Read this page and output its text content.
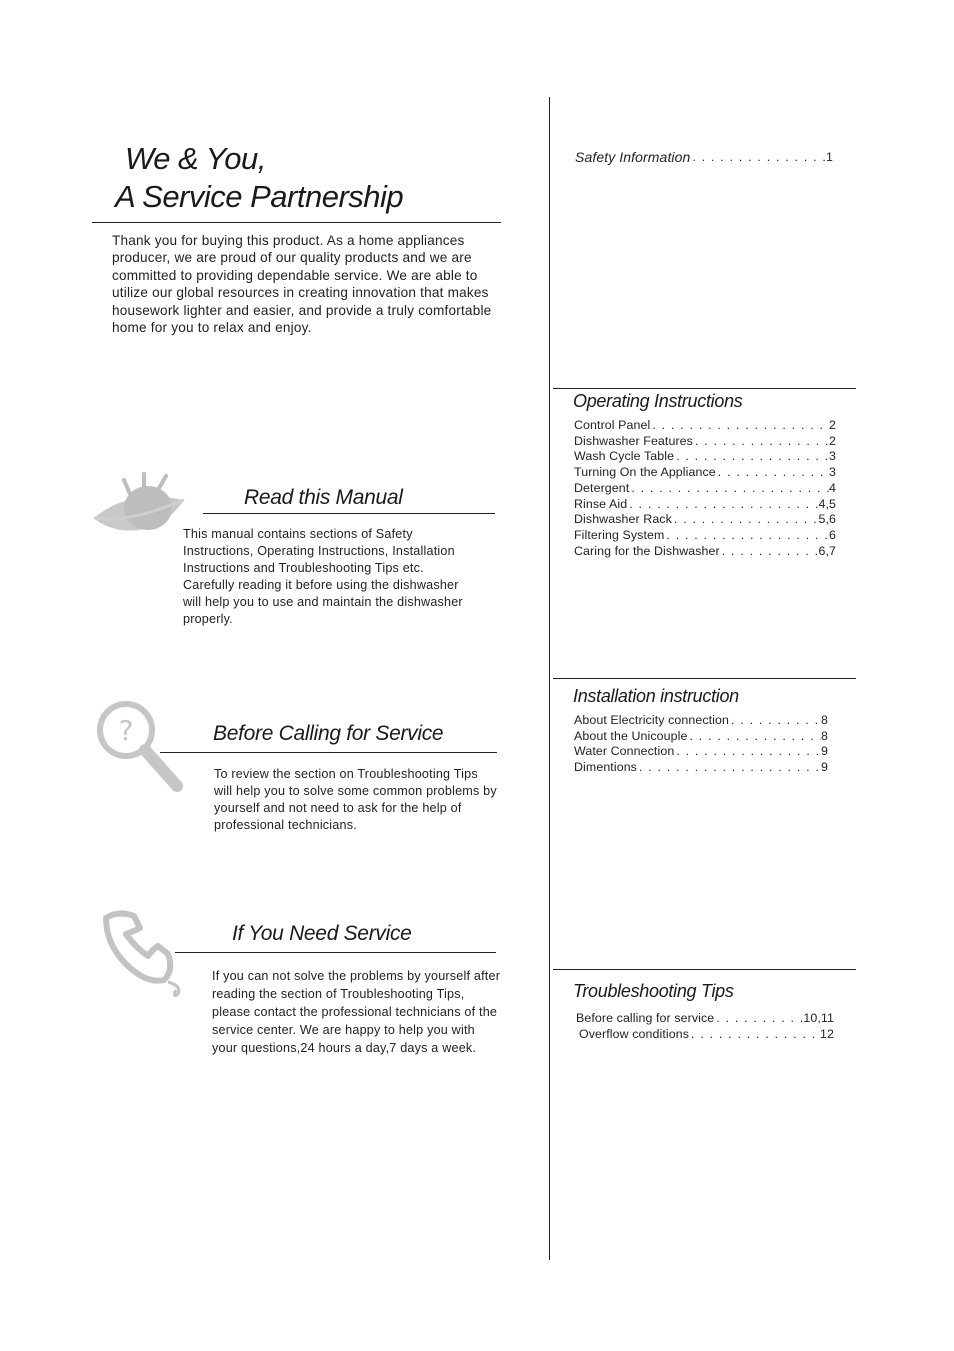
We & You,
A Service Partnership
Thank you for buying this product. As a home appliances producer, we are proud of our quality products and we are committed to providing dependable service. We are able to utilize our global resources in creating innovation that makes housework lighter and easier, and provide a truly comfortable home for you to relax and enjoy.
Read this Manual
This manual contains sections of Safety Instructions, Operating Instructions, Installation Instructions and Troubleshooting Tips etc. Carefully reading it before using the dishwasher will help you to use and maintain the dishwasher properly.
?	Before Calling for Service
To review the section on Troubleshooting Tips will help you to solve some common problems by yourself and not need to ask for the help of professional technicians.
If You Need Service
If you can not solve the problems by yourself after reading the section of Troubleshooting Tips, please contact the professional technicians of the service center. We are happy to help you with your questions,24 hours a day,7 days a week.
Safety Information . . .	1
Operating Instructions
Control Panel . . .	2
Dishwasher Features . . .	2
Wash Cycle Table . . .	3
Turning On the Appliance . . .	3
Detergent . . .	4
Rinse Aid . . .	4,5
Dishwasher Rack . . .	5,6
Filtering System . . .	6
Caring for the Dishwasher . . .	6,7
Installation instruction
About Electricity connection . . .	8
About the Unicouple . . .	8
Water Connection . . .	9
Dimentions . . .	9
Troubleshooting Tips
Before calling for service . . .	10,11
Overflow conditions . . .	12
